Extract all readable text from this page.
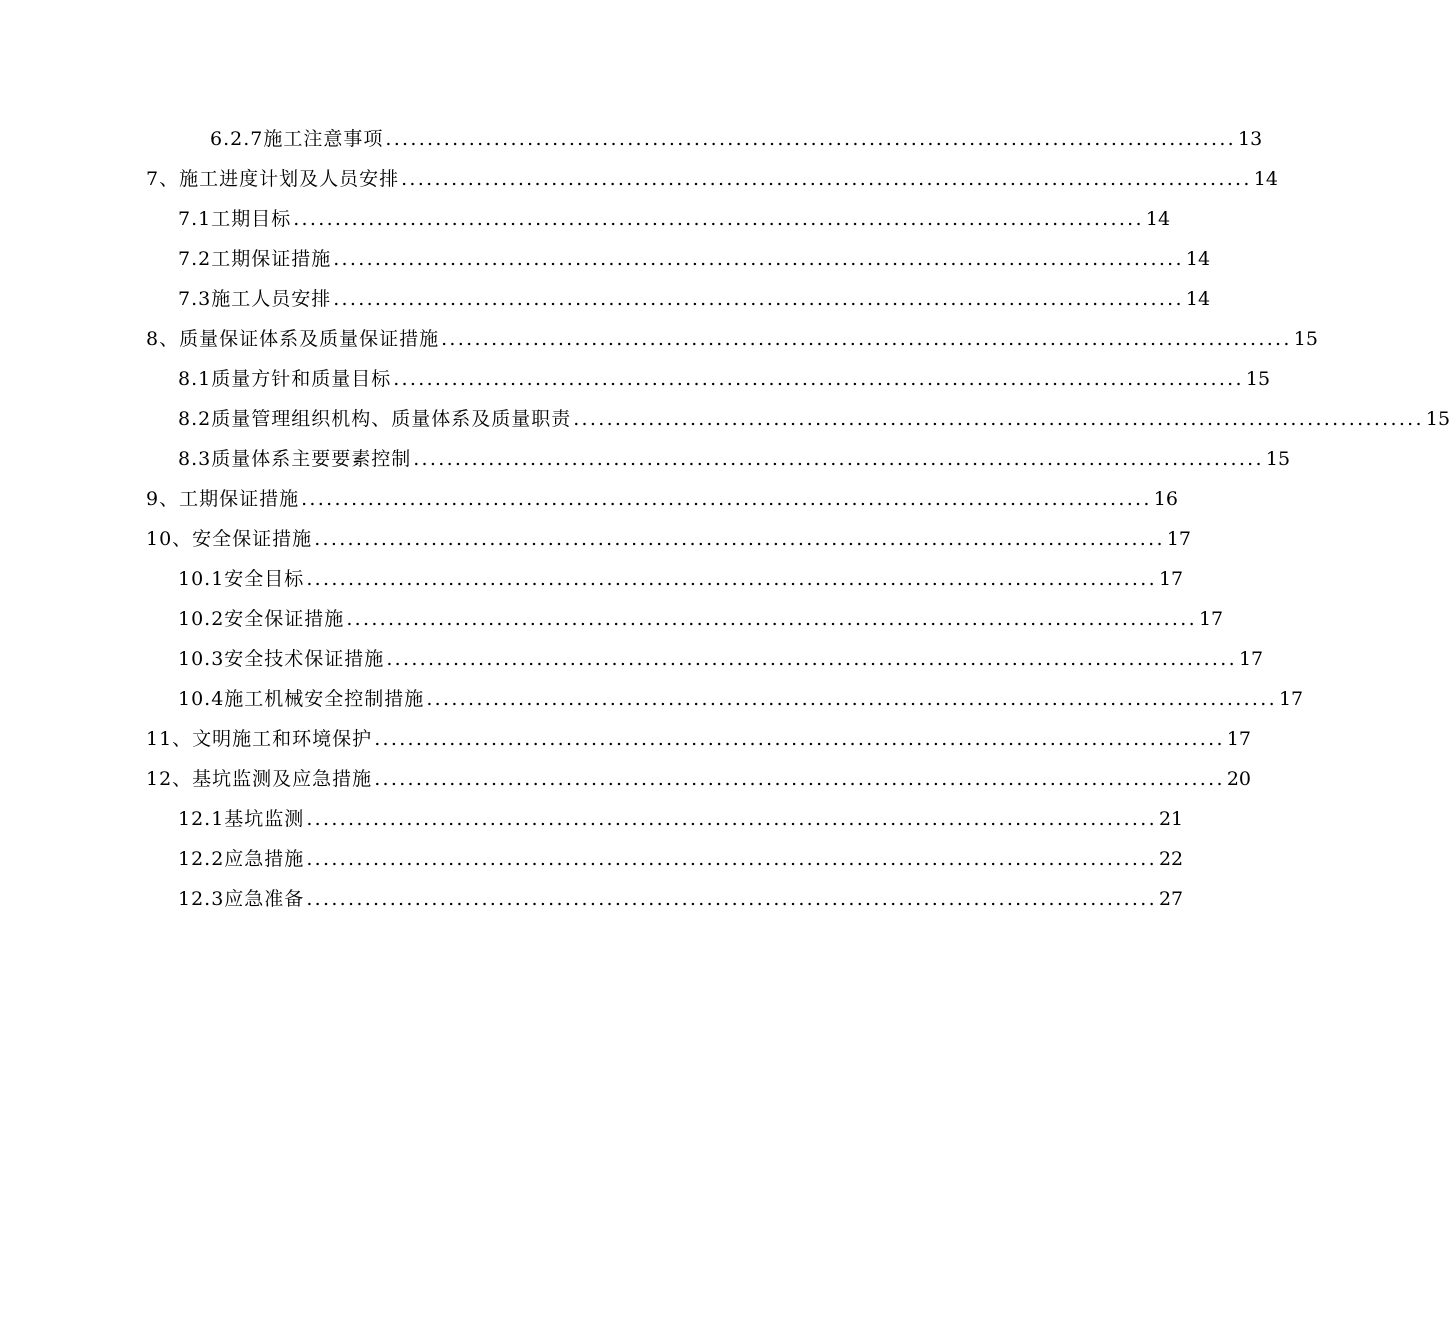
6.2.7施工注意事项 ...................................................................................................... 13
7、施工进度计划及人员安排 ...................................................................................................... 14
7.1工期目标 ...................................................................................................... 14
7.2工期保证措施 ...................................................................................................... 14
7.3施工人员安排 ...................................................................................................... 14
8、质量保证体系及质量保证措施 ...................................................................................................... 15
8.1质量方针和质量目标 ...................................................................................................... 15
8.2质量管理组织机构、质量体系及质量职责 ...................................................................................................... 15
8.3质量体系主要要素控制 ...................................................................................................... 15
9、工期保证措施 ...................................................................................................... 16
10、安全保证措施 ...................................................................................................... 17
10.1安全目标 ...................................................................................................... 17
10.2安全保证措施 ...................................................................................................... 17
10.3安全技术保证措施 ...................................................................................................... 17
10.4施工机械安全控制措施 ...................................................................................................... 17
11、文明施工和环境保护 ...................................................................................................... 17
12、基坑监测及应急措施 ...................................................................................................... 20
12.1基坑监测 ...................................................................................................... 21
12.2应急措施 ...................................................................................................... 22
12.3应急准备 ...................................................................................................... 27
